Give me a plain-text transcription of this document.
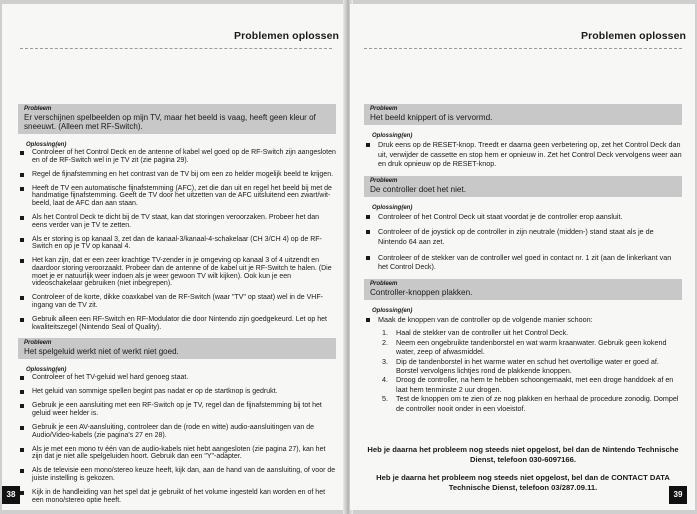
Problemen oplossen
Probleem
Er verschijnen spelbeelden op mijn TV, maar het beeld is vaag, heeft geen kleur of sneeuwt. (Alleen met RF-Switch).
Oplossing(en)
Controleer of het Control Deck en de antenne of kabel wel goed op de RF-Switch zijn aangesloten en of de RF-Switch wel in je TV zit (zie pagina 29).
Regel de fijnafstemming en het contrast van de TV bij om een zo helder mogelijk beeld te krijgen.
Heeft de TV een automatische fijnafstemming (AFC), zet die dan uit en regel het beeld bij met de handmatige fijnafstemming. Geeft de TV door het uitzetten van de AFC uitsluitend een zwart/wit-beeld, laat de AFC dan aan staan.
Als het Control Deck te dicht bij de TV staat, kan dat storingen veroorzaken. Probeer het dan eens verder van je TV te zetten.
Als er storing is op kanaal 3, zet dan de kanaal-3/kanaal-4-schakelaar (CH 3/CH 4) op de RF-Switch en op je TV op kanaal 4.
Het kan zijn, dat er een zeer krachtige TV-zender in je omgeving op kanaal 3 of 4 uitzendt en daardoor storing veroorzaakt. Probeer dan de antenne of de kabel uit je RF-Switch te halen. (Die moet je er natuurlijk weer indoen als je weer gewoon TV wilt kijken). Ook kun je een videoschakelaar gebruiken (niet inbegrepen).
Controleer of de korte, dikke coaxkabel van de RF-Switch (waar "TV" op staat) wel in de VHF-ingang van de TV zit.
Gebruik alleen een RF-Switch en RF-Modulator die door Nintendo zijn goedgekeurd. Let op het kwaliteitszegel (Nintendo Seal of Quality).
Probleem
Het spelgeluid werkt niet of werkt niet goed.
Oplossing(en)
Controleer of het TV-geluid wel hard genoeg staat.
Het geluid van sommige spellen begint pas nadat er op de startknop is gedrukt.
Gebruik je een aansluiting met een RF-Switch op je TV, regel dan de fijnafstemming bij tot het geluid weer helder is.
Gebruik je een AV-aansluiting, controleer dan de (rode en witte) audio-aansluitingen van de Audio/Video-kabels (zie pagina's 27 en 28).
Als je met een mono tv één van de audio-kabels niet hebt aangesloten (zie pagina 27), kan het zijn dat je niet alle spelgeluiden hoort. Gebruik dan een "Y"-adapter.
Als de televisie een mono/stereo keuze heeft, kijk dan, aan de hand van de aansluiting, of voor de juiste instelling is gekozen.
Kijk in de handleiding van het spel dat je gebruikt of het volume ingesteld kan worden en of het een mono/stereo optie heeft.
38
Problemen oplossen
Probleem
Het beeld knippert of is vervormd.
Oplossing(en)
Druk eens op de RESET-knop. Treedt er daarna geen verbetering op, zet het Control Deck dan uit, verwijder de cassette en stop hem er opnieuw in. Zet het Control Deck vervolgens weer aan en druk opnieuw op de RESET-knop.
Probleem
De controller doet het niet.
Oplossing(en)
Controleer of het Control Deck uit staat voordat je de controller erop aansluit.
Controleer of de joystick op de controller in zijn neutrale (midden-) stand staat als je de Nintendo 64 aan zet.
Controleer of de stekker van de controller wel goed in contact nr. 1 zit (aan de linkerkant van het Control Deck).
Probleem
Controller-knoppen plakken.
Oplossing(en)
Maak de knoppen van de controller op de volgende manier schoon:
1. Haal de stekker van de controller uit het Control Deck.
2. Neem een ongebruikte tandenborstel en wat warm kraanwater. Gebruik geen kokend water, zeep of afwasmiddel.
3. Dip de tandenborstel in het warme water en schud het overtollige water er goed af. Borstel vervolgens lichtjes rond de plakkende knoppen.
4. Droog de controller, na hem te hebben schoongemaakt, met een droge handdoek af en laat hem tenminste 2 uur drogen.
5. Test de knoppen om te zien of ze nog plakken en herhaal de procedure zonodig. Dompel de controller nooit onder in een vloeistof.
Heb je daarna het probleem nog steeds niet opgelost, bel dan de Nintendo Technische Dienst, telefoon 030-6097166.
Heb je daarna het probleem nog steeds niet opgelost, bel dan de CONTACT DATA Technische Dienst, telefoon 03/287.09.11.
39
